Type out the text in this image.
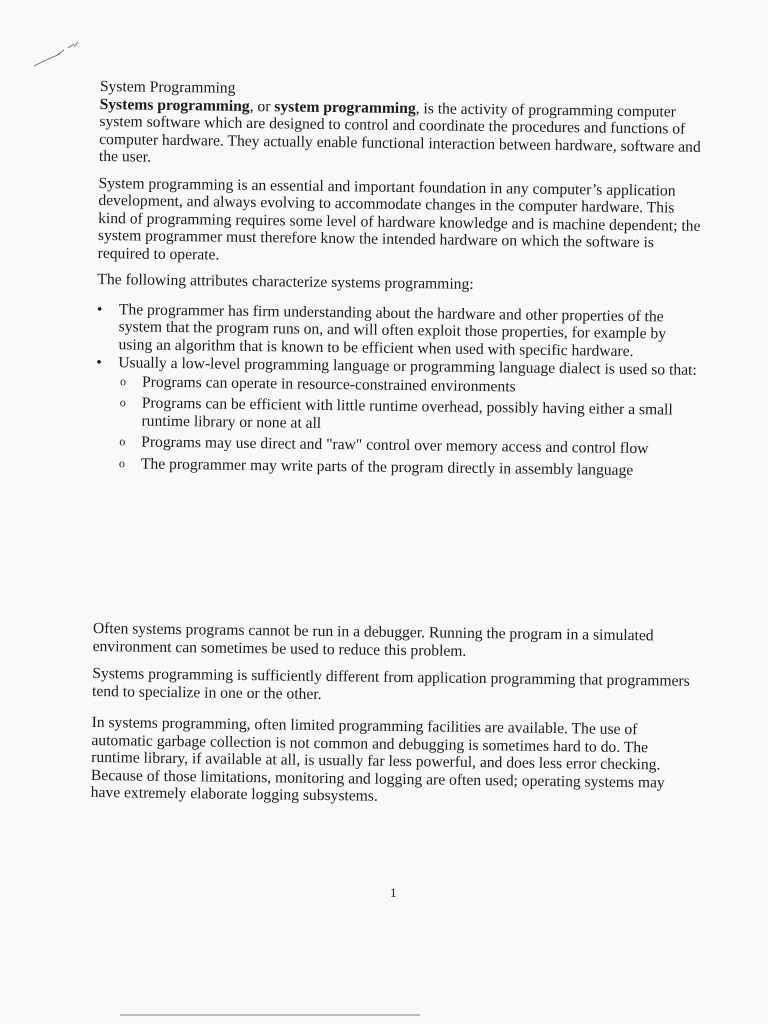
System Programming

Systems programming, or system programming, is the activity of programming computer system software which are designed to control and coordinate the procedures and functions of computer hardware. They actually enable functional interaction between hardware, software and the user.

System programming is an essential and important foundation in any computer’s application development, and always evolving to accommodate changes in the computer hardware. This kind of programming requires some level of hardware knowledge and is machine dependent; the system programmer must therefore know the intended hardware on which the software is required to operate.

The following attributes characterize systems programming:

• The programmer has firm understanding about the hardware and other properties of the system that the program runs on, and will often exploit those properties, for example by using an algorithm that is known to be efficient when used with specific hardware.
• Usually a low-level programming language or programming language dialect is used so that:
o Programs can operate in resource-constrained environments
o Programs can be efficient with little runtime overhead, possibly having either a small runtime library or none at all
o Programs may use direct and "raw" control over memory access and control flow
o The programmer may write parts of the program directly in assembly language

Often systems programs cannot be run in a debugger. Running the program in a simulated environment can sometimes be used to reduce this problem.

Systems programming is sufficiently different from application programming that programmers tend to specialize in one or the other.

In systems programming, often limited programming facilities are available. The use of automatic garbage collection is not common and debugging is sometimes hard to do. The runtime library, if available at all, is usually far less powerful, and does less error checking. Because of those limitations, monitoring and logging are often used; operating systems may have extremely elaborate logging subsystems.

1
